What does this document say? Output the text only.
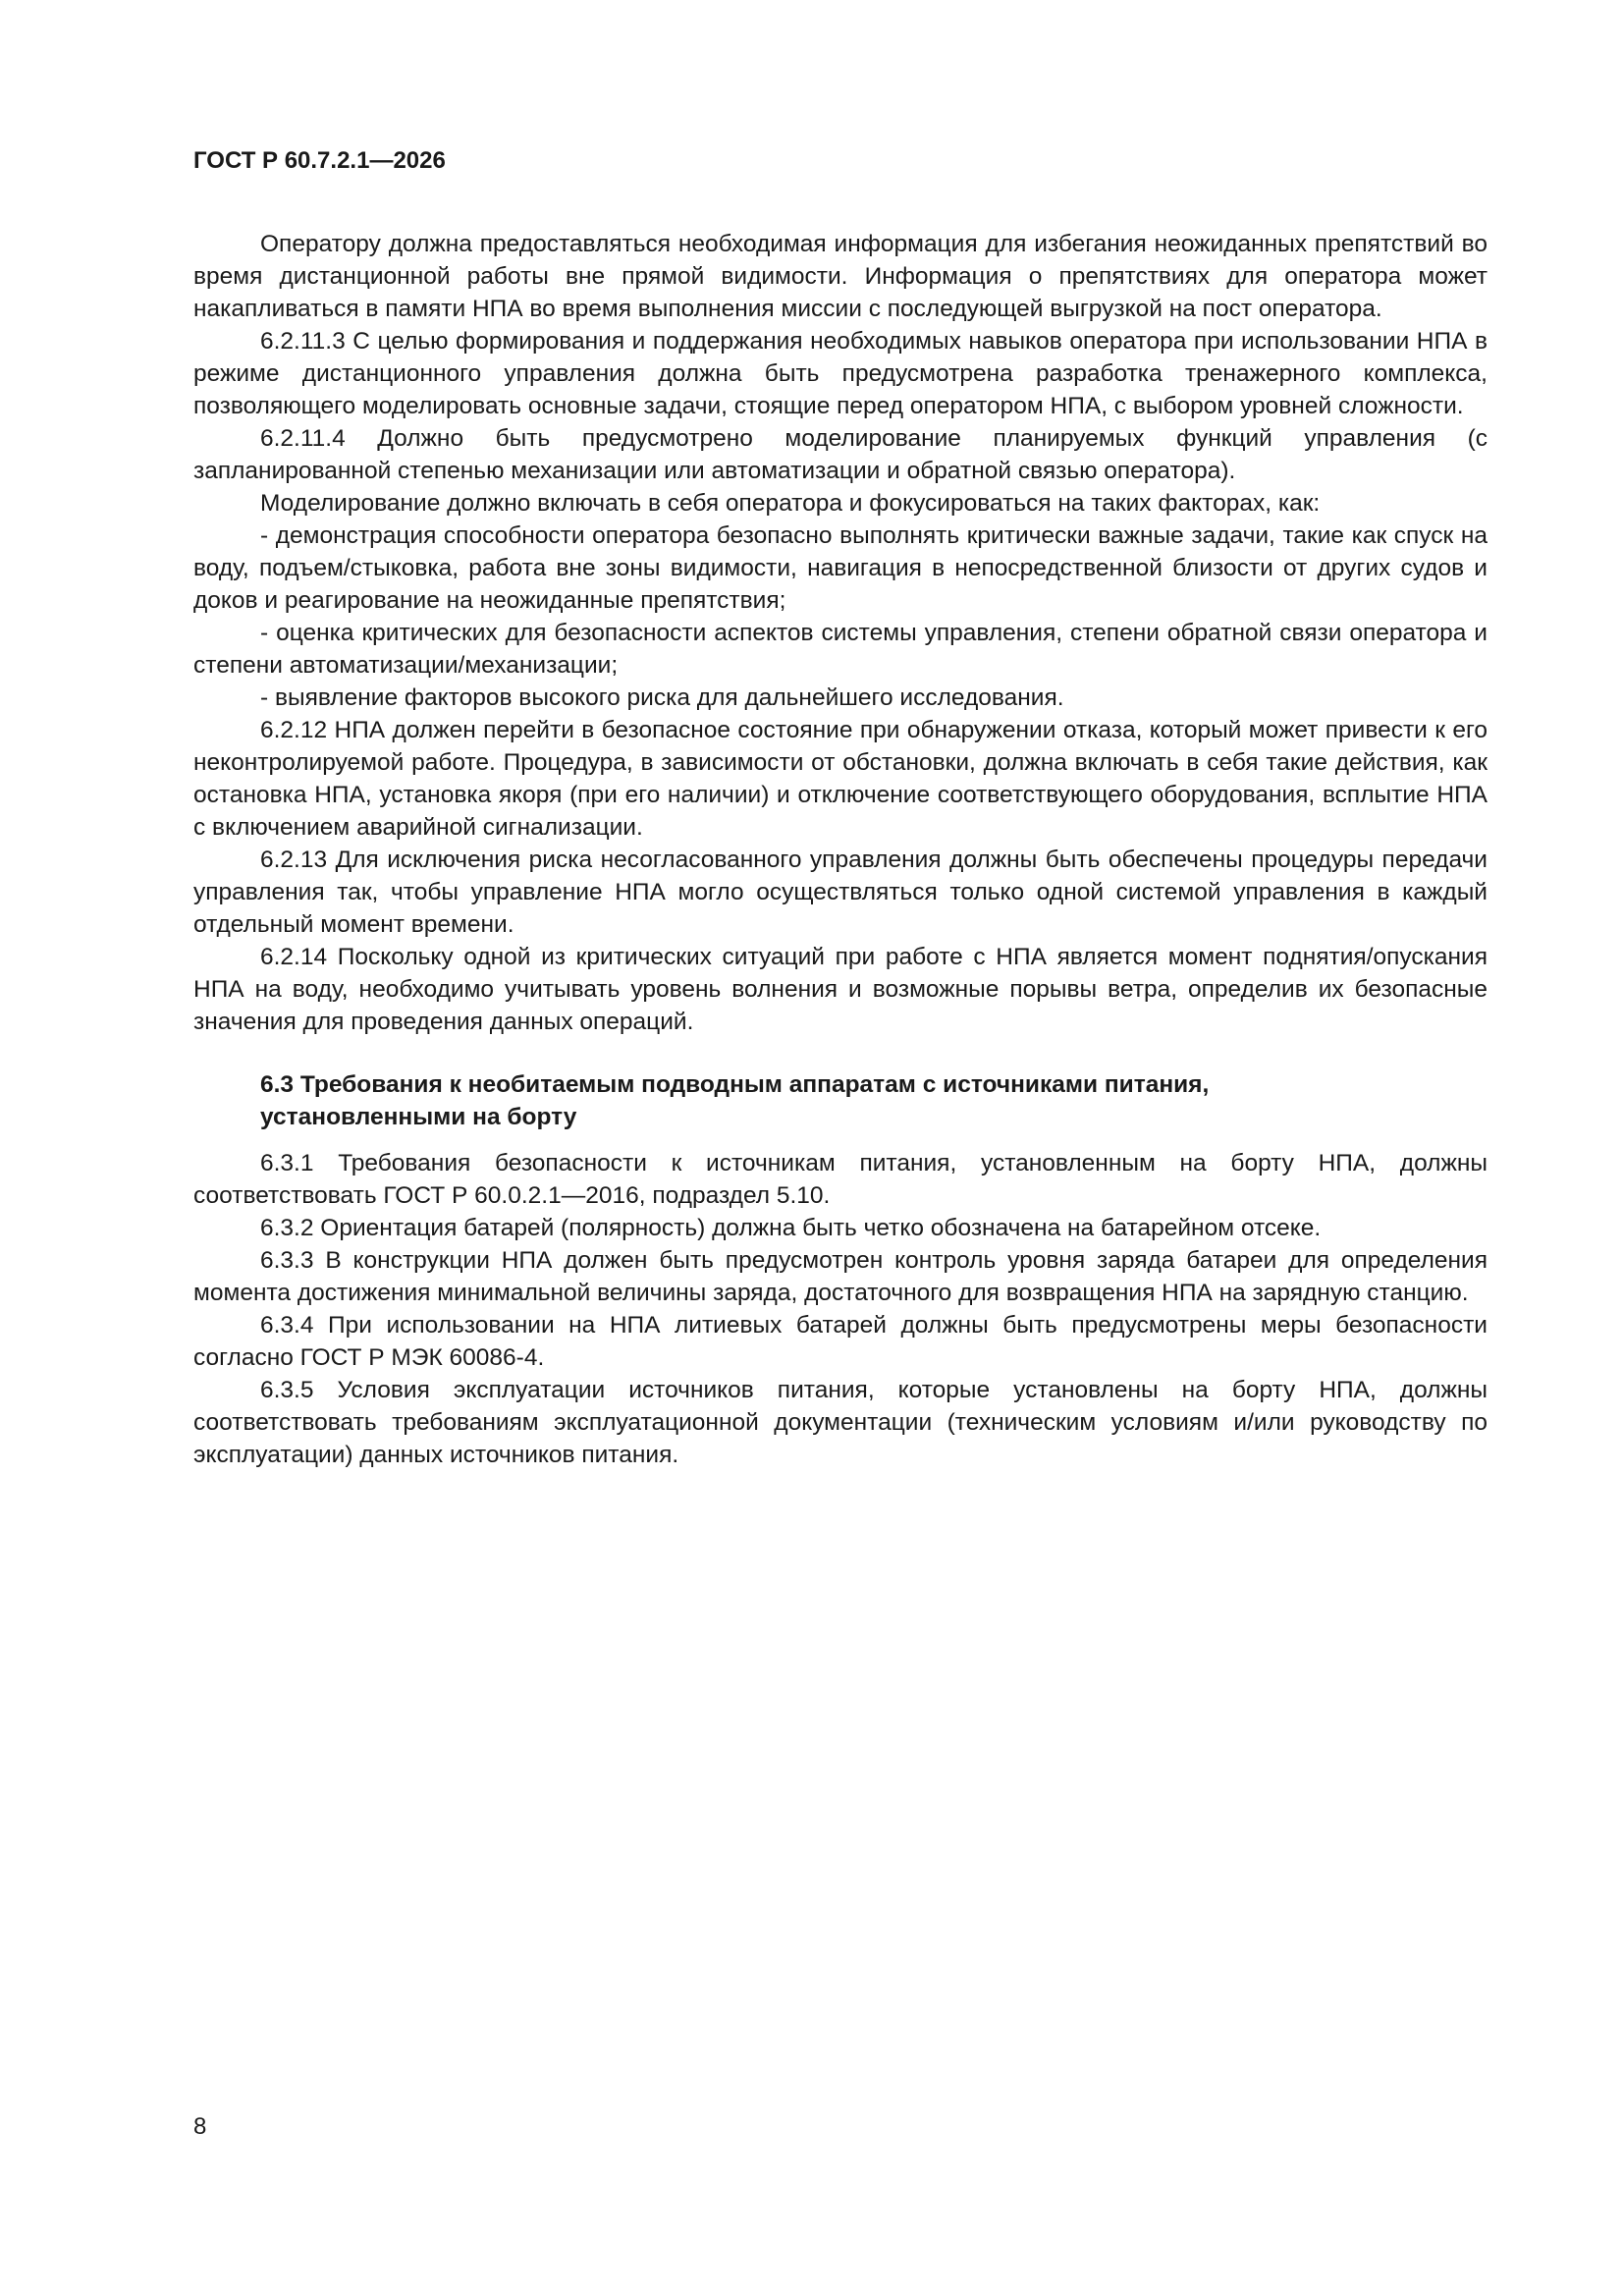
ГОСТ Р 60.7.2.1—2026

Оператору должна предоставляться необходимая информация для избегания неожиданных препятствий во время дистанционной работы вне прямой видимости. Информация о препятствиях для оператора может накапливаться в памяти НПА во время выполнения миссии с последующей выгрузкой на пост оператора.

6.2.11.3 С целью формирования и поддержания необходимых навыков оператора при использовании НПА в режиме дистанционного управления должна быть предусмотрена разработка тренажерного комплекса, позволяющего моделировать основные задачи, стоящие перед оператором НПА, с выбором уровней сложности.

6.2.11.4 Должно быть предусмотрено моделирование планируемых функций управления (с запланированной степенью механизации или автоматизации и обратной связью оператора).

Моделирование должно включать в себя оператора и фокусироваться на таких факторах, как:

- демонстрация способности оператора безопасно выполнять критически важные задачи, такие как спуск на воду, подъем/стыковка, работа вне зоны видимости, навигация в непосредственной близости от других судов и доков и реагирование на неожиданные препятствия;

- оценка критических для безопасности аспектов системы управления, степени обратной связи оператора и степени автоматизации/механизации;

- выявление факторов высокого риска для дальнейшего исследования.

6.2.12 НПА должен перейти в безопасное состояние при обнаружении отказа, который может привести к его неконтролируемой работе. Процедура, в зависимости от обстановки, должна включать в себя такие действия, как остановка НПА, установка якоря (при его наличии) и отключение соответствующего оборудования, всплытие НПА с включением аварийной сигнализации.

6.2.13 Для исключения риска несогласованного управления должны быть обеспечены процедуры передачи управления так, чтобы управление НПА могло осуществляться только одной системой управления в каждый отдельный момент времени.

6.2.14 Поскольку одной из критических ситуаций при работе с НПА является момент поднятия/опускания НПА на воду, необходимо учитывать уровень волнения и возможные порывы ветра, определив их безопасные значения для проведения данных операций.

6.3 Требования к необитаемым подводным аппаратам с источниками питания,
установленными на борту

6.3.1 Требования безопасности к источникам питания, установленным на борту НПА, должны соответствовать ГОСТ Р 60.0.2.1—2016, подраздел 5.10.

6.3.2 Ориентация батарей (полярность) должна быть четко обозначена на батарейном отсеке.

6.3.3 В конструкции НПА должен быть предусмотрен контроль уровня заряда батареи для определения момента достижения минимальной величины заряда, достаточного для возвращения НПА на зарядную станцию.

6.3.4 При использовании на НПА литиевых батарей должны быть предусмотрены меры безопасности согласно ГОСТ Р МЭК 60086-4.

6.3.5 Условия эксплуатации источников питания, которые установлены на борту НПА, должны соответствовать требованиям эксплуатационной документации (техническим условиям и/или руководству по эксплуатации) данных источников питания.

8
